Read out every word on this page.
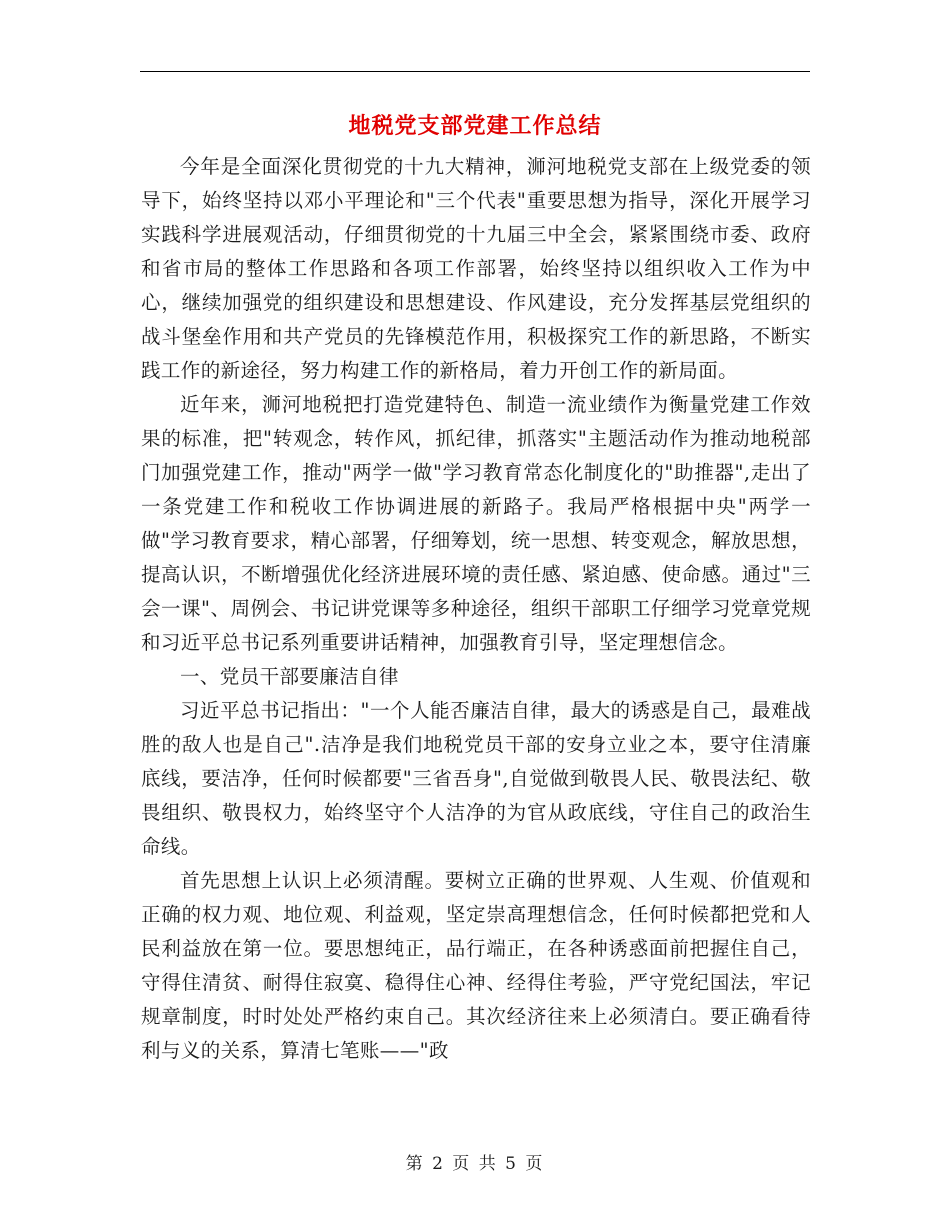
地税党支部党建工作总结

今年是全面深化贯彻党的十九大精神，浉河地税党支部在上级党委的领导下，始终坚持以邓小平理论和"三个代表"重要思想为指导，深化开展学习实践科学进展观活动，仔细贯彻党的十九届三中全会，紧紧围绕市委、政府和省市局的整体工作思路和各项工作部署，始终坚持以组织收入工作为中心，继续加强党的组织建设和思想建设、作风建设，充分发挥基层党组织的战斗堡垒作用和共产党员的先锋模范作用，积极探究工作的新思路，不断实践工作的新途径，努力构建工作的新格局，着力开创工作的新局面。

近年来，浉河地税把打造党建特色、制造一流业绩作为衡量党建工作效果的标准，把"转观念，转作风，抓纪律，抓落实"主题活动作为推动地税部门加强党建工作，推动"两学一做"学习教育常态化制度化的"助推器",走出了一条党建工作和税收工作协调进展的新路子。我局严格根据中央"两学一做"学习教育要求，精心部署，仔细筹划，统一思想、转变观念，解放思想，提高认识，不断增强优化经济进展环境的责任感、紧迫感、使命感。通过"三会一课"、周例会、书记讲党课等多种途径，组织干部职工仔细学习党章党规和习近平总书记系列重要讲话精神，加强教育引导，坚定理想信念。

一、党员干部要廉洁自律

习近平总书记指出："一个人能否廉洁自律，最大的诱惑是自己，最难战胜的敌人也是自己".洁净是我们地税党员干部的安身立业之本，要守住清廉底线，要洁净，任何时候都要"三省吾身",自觉做到敬畏人民、敬畏法纪、敬畏组织、敬畏权力，始终坚守个人洁净的为官从政底线，守住自己的政治生命线。

首先思想上认识上必须清醒。要树立正确的世界观、人生观、价值观和正确的权力观、地位观、利益观，坚定崇高理想信念，任何时候都把党和人民利益放在第一位。要思想纯正，品行端正，在各种诱惑面前把握住自己，守得住清贫、耐得住寂寞、稳得住心神、经得住考验，严守党纪国法，牢记规章制度，时时处处严格约束自己。其次经济往来上必须清白。要正确看待利与义的关系，算清七笔账——"政

第 2 页 共 5 页
